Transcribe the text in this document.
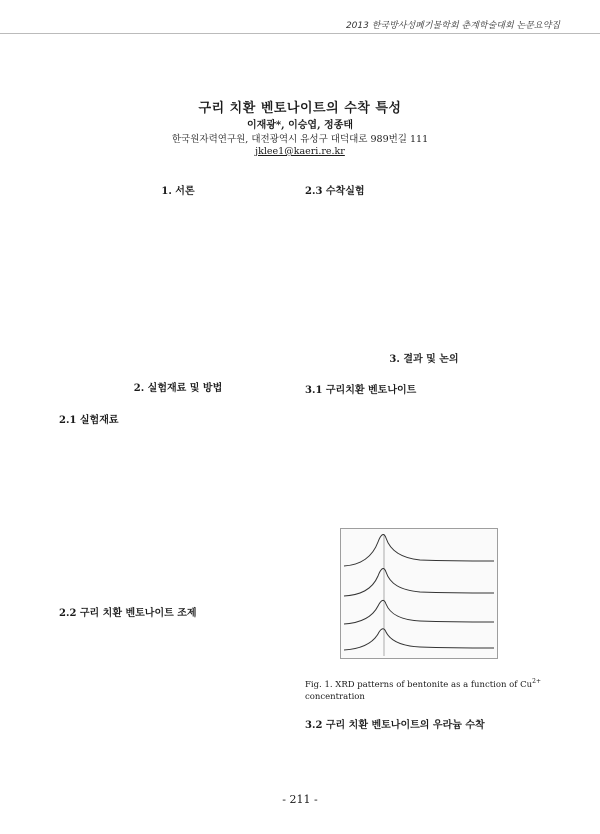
2013 한국방사성폐기물학회 춘계학술대회 논문요약집
구리 치환 벤토나이트의 수착 특성
이재광*, 이승엽, 정종태
한국원자력연구원, 대전광역시 유성구 대덕대로 989번길 111
jklee1@kaeri.re.kr
1. 서론
2. 실험재료 및 방법
2.1 실험재료
2.2 구리 치환 벤토나이트 조제
2.3 수착실험
3. 결과 및 논의
3.1 구리치환 벤토나이트
Fig. 1. XRD patterns of bentonite as a function of $Cu^{2+}$ concentration
3.2 구리 치환 벤토나이트의 우라늄 수착
- 211 -
